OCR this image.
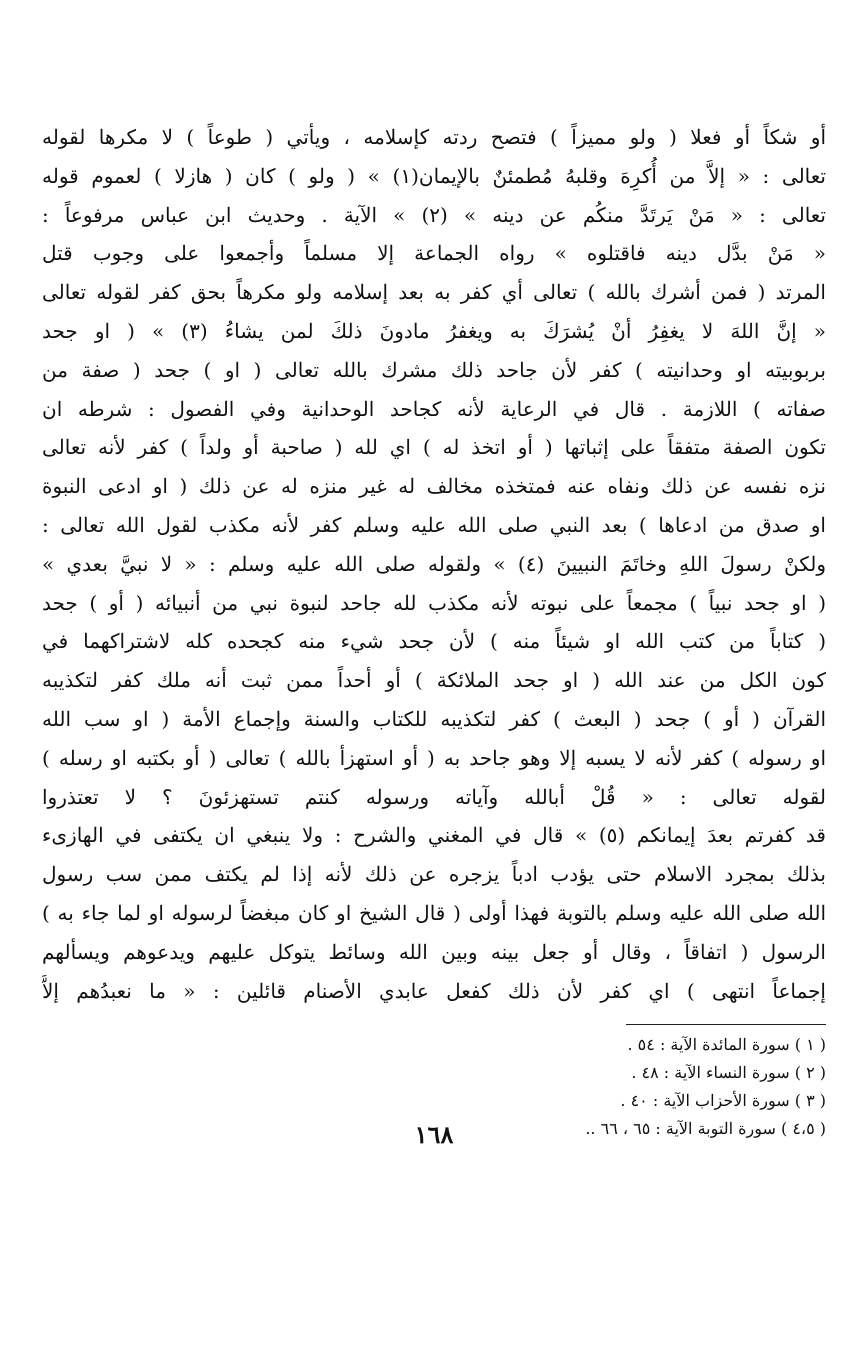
أو شكاً أو فعلا ( ولو مميزاً ) فتصح ردته كإسلامه ، ويأتي ( طوعاً ) لا مكرها لقوله
تعالى : « إلاَّ من أُكرِهَ وقلبهُ مُطمئنٌ بالإيمان(١) » ( ولو ) كان ( هازلا ) لعموم قوله
تعالى : « مَنْ يَرتَدَّ منكُم عن دينه » (٢) » الآية . وحديث ابن عباس مرفوعاً :
« مَنْ بدَّل دينه فاقتلوه » رواه الجماعة إلا مسلماً وأجمعوا على وجوب قتل
المرتد ( فمن أشرك بالله ) تعالى أي كفر به بعد إسلامه ولو مكرهاً بحق كفر لقوله تعالى
« إنَّ اللهَ لا يغفِرُ أنْ يُشرَكَ به ويغفرُ مادونَ ذلكَ لمن يشاءُ (٣) » ( او جحد
بربوبيته او وحدانيته ) كفر لأن جاحد ذلك مشرك بالله تعالى ( او ) جحد ( صفة من
صفاته ) اللازمة . قال في الرعاية لأنه كجاحد الوحدانية وفي الفصول : شرطه ان
تكون الصفة متفقاً على إثباتها ( أو اتخذ له ) اي لله ( صاحبة أو ولداً ) كفر لأنه تعالى
نزه نفسه عن ذلك ونفاه عنه فمتخذه مخالف له غير منزه له عن ذلك ( او ادعى النبوة
او صدق من ادعاها ) بعد النبي صلى الله عليه وسلم كفر لأنه مكذب لقول الله تعالى :
ولكنْ رسولَ اللهِ وخاتَمَ النبيينَ (٤) » ولقوله صلى الله عليه وسلم : « لا نبيَّ بعدي »
( او جحد نبياً ) مجمعاً على نبوته لأنه مكذب لله جاحد لنبوة نبي من أنبيائه ( أو ) جحد
( كتاباً من كتب الله او شيئاً منه ) لأن جحد شيء منه كجحده كله لاشتراكهما في
كون الكل من عند الله ( او جحد الملائكة ) أو أحداً ممن ثبت أنه ملك كفر لتكذيبه
القرآن ( أو ) جحد ( البعث ) كفر لتكذيبه للكتاب والسنة وإجماع الأمة ( او سب الله
او رسوله ) كفر لأنه لا يسبه إلا وهو جاحد به ( أو استهزأ بالله ) تعالى ( أو بكتبه او رسله )
لقوله تعالى : « قُلْ أبالله وآياته ورسوله كنتم تستهزئونَ ؟ لا تعتذروا
قد كفرتم بعدَ إيمانكم (٥) » قال في المغني والشرح : ولا ينبغي ان يكتفى في الهازىء
بذلك بمجرد الاسلام حتى يؤدب ادباً يزجره عن ذلك لأنه إذا لم يكتف ممن سب رسول
الله صلى الله عليه وسلم بالتوبة فهذا أولى ( قال الشيخ او كان مبغضاً لرسوله او لما جاء به )
الرسول ( اتفاقاً ، وقال أو جعل بينه وبين الله وسائط يتوكل عليهم ويدعوهم ويسألهم
إجماعاً انتهى ) اي كفر لأن ذلك كفعل عابدي الأصنام قائلين : « ما نعبدُهم إلاَّ
( ١ ) سورة المائدة الآية : ٥٤ .
( ٢ ) سورة النساء الآية : ٤٨ .
( ٣ ) سورة الأحزاب الآية : ٤٠ .
( ٤،٥ ) سورة التوبة الآية : ٦٥ ، ٦٦ ..
١٦٨
